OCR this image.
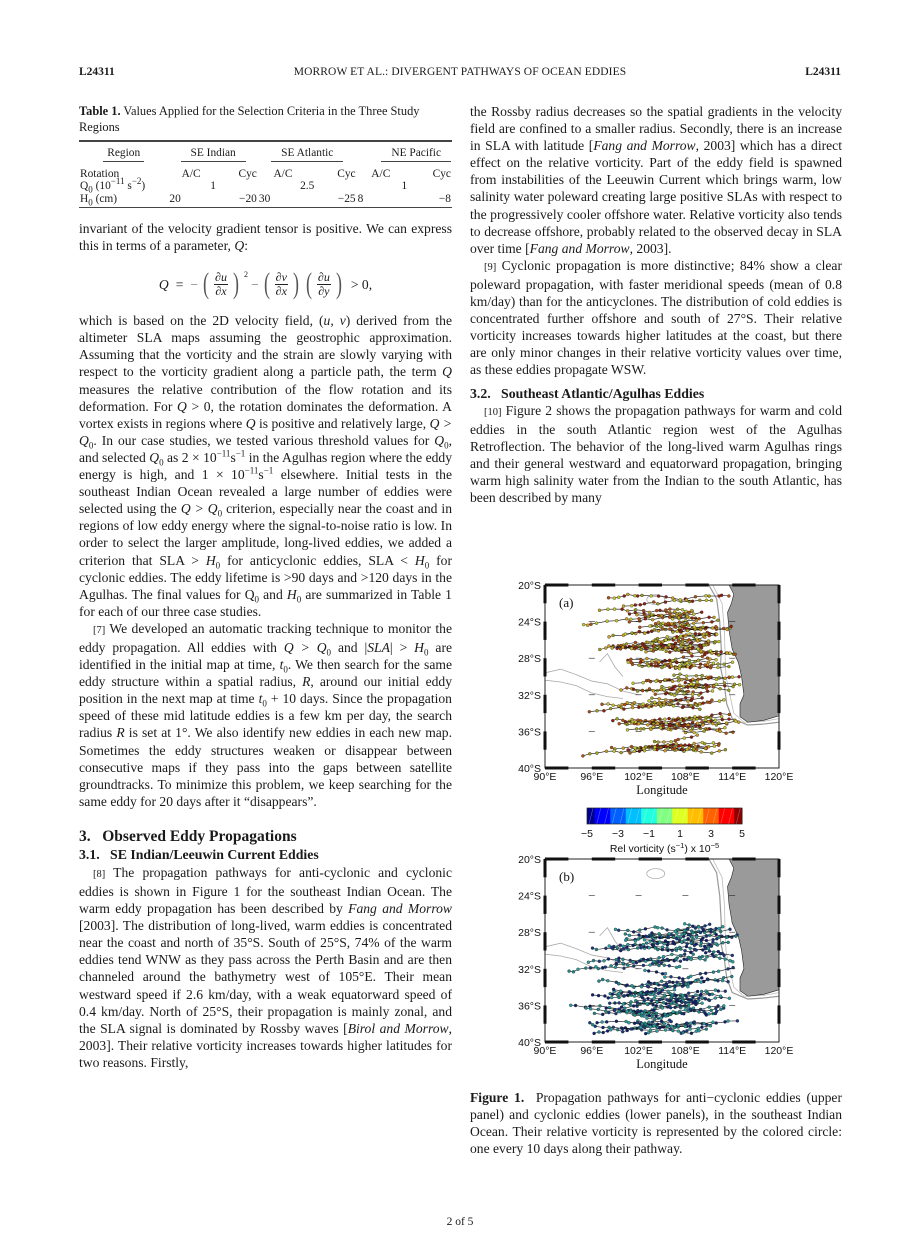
L24311	MORROW ET AL.: DIVERGENT PATHWAYS OF OCEAN EDDIES	L24311
Table 1. Values Applied for the Selection Criteria in the Three Study Regions
Region	SE Indian		SE Atlantic		NE Pacific	
Rotation	A/C	Cyc	A/C	Cyc	A/C	Cyc
$Q_0$ ($10^{-11}$ $s^{-2}$)	1		2.5		1	
$H_0$ (cm)	20	−20	30	−25	8	−8

invariant of the velocity gradient tensor is positive. We can express this in terms of a parameter, Q:

Q = − ( $\frac{\partial u}{\partial x}$ ) 2
− ( $\frac{\partial v}{\partial x}$ ) ( $\frac{\partial u}{\partial y}$ ) > 0,

which is based on the 2D velocity field, (u, v) derived from the altimeter SLA maps assuming the geostrophic approximation. Assuming that the vorticity and the strain are slowly varying with respect to the vorticity gradient along a particle path, the term Q measures the relative contribution of the flow rotation and its deformation. For Q > 0, the rotation dominates the deformation. A vortex exists in regions where Q is positive and relatively large, $Q > Q_0$. In our case studies, we tested various threshold values for $Q_0$, and selected $Q_0$ as $2 \times 10^{-11}s^{-1}$ in the Agulhas region where the eddy energy is high, and $1 \times 10^{-11}s^{-1}$ elsewhere. Initial tests in the southeast Indian Ocean revealed a large number of eddies were selected using the $Q > Q_0$ criterion, especially near the coast and in regions of low eddy energy where the signal-to-noise ratio is low. In order to select the larger amplitude, long-lived eddies, we added a criterion that SLA > $H_0$ for anticyclonic eddies, SLA < $H_0$ for cyclonic eddies. The eddy lifetime is >90 days and >120 days in the Agulhas. The final values for $Q_0$ and $H_0$ are summarized in Table 1 for each of our three case studies.

[7] We developed an automatic tracking technique to monitor the eddy propagation. All eddies with $Q > Q_0$ and $|SLA| > H_0$ are identified in the initial map at time, $t_0$. We then search for the same eddy structure within a spatial radius, R, around our initial eddy position in the next map at time $t_0 + 10$ days. Since the propagation speed of these mid latitude eddies is a few km per day, the search radius R is set at 1°. We also identify new eddies in each new map. Sometimes the eddy structures weaken or disappear between consecutive maps if they pass into the gaps between satellite groundtracks. To minimize this problem, we keep searching for the same eddy for 20 days after it “disappears”.

3.   Observed Eddy Propagations
3.1.   SE Indian/Leeuwin Current Eddies

[8] The propagation pathways for anti-cyclonic and cyclonic eddies is shown in Figure 1 for the southeast Indian Ocean. The warm eddy propagation has been described by Fang and Morrow [2003]. The distribution of long-lived, warm eddies is concentrated near the coast and north of 35°S. South of 25°S, 74% of the warm eddies tend WNW as they pass across the Perth Basin and are then channeled around the bathymetry west of 105°E. Their mean westward speed if 2.6 km/day, with a weak equatorward speed of 0.4 km/day. North of 25°S, their propagation is mainly zonal, and the SLA signal is dominated by Rossby waves [Birol and Morrow, 2003]. Their relative vorticity increases towards higher latitudes for two reasons. Firstly,

the Rossby radius decreases so the spatial gradients in the velocity field are confined to a smaller radius. Secondly, there is an increase in SLA with latitude [Fang and Morrow, 2003] which has a direct effect on the relative vorticity. Part of the eddy field is spawned from instabilities of the Leeuwin Current which brings warm, low salinity water poleward creating large positive SLAs with respect to the progressively cooler offshore water. Relative vorticity also tends to decrease offshore, probably related to the observed decay in SLA over time [Fang and Morrow, 2003].

[9] Cyclonic propagation is more distinctive; 84% show a clear poleward propagation, with faster meridional speeds (mean of 0.8 km/day) than for the anticyclones. The distribution of cold eddies is concentrated further offshore and south of 27°S. Their relative vorticity increases towards higher latitudes at the coast, but there are only minor changes in their relative vorticity values over time, as these eddies propagate WSW.

3.2.   Southeast Atlantic/Agulhas Eddies

[10] Figure 2 shows the propagation pathways for warm and cold eddies in the south Atlantic region west of the Agulhas Retroflection. The behavior of the long-lived warm Agulhas rings and their general westward and equatorward propagation, bringing warm high salinity water from the Indian to the south Atlantic, has been described by many

(a)
20°S
24°S
28°S
32°S
36°S
40°S
90°E 96°E 102°E 108°E 114°E 120°E
Longitude
−5 −3 −1 1 3 5
Rel vorticity $(s^{-1})$ x $10^{-5}$
(b)
20°S
24°S
28°S
32°S
36°S
40°S
90°E 96°E 102°E 108°E 114°E 120°E
Longitude
Figure 1.  Propagation pathways for anti−cyclonic eddies (upper panel) and cyclonic eddies (lower panels), in the southeast Indian Ocean. Their relative vorticity is represented by the colored circle: one every 10 days along their pathway.
2 of 5
